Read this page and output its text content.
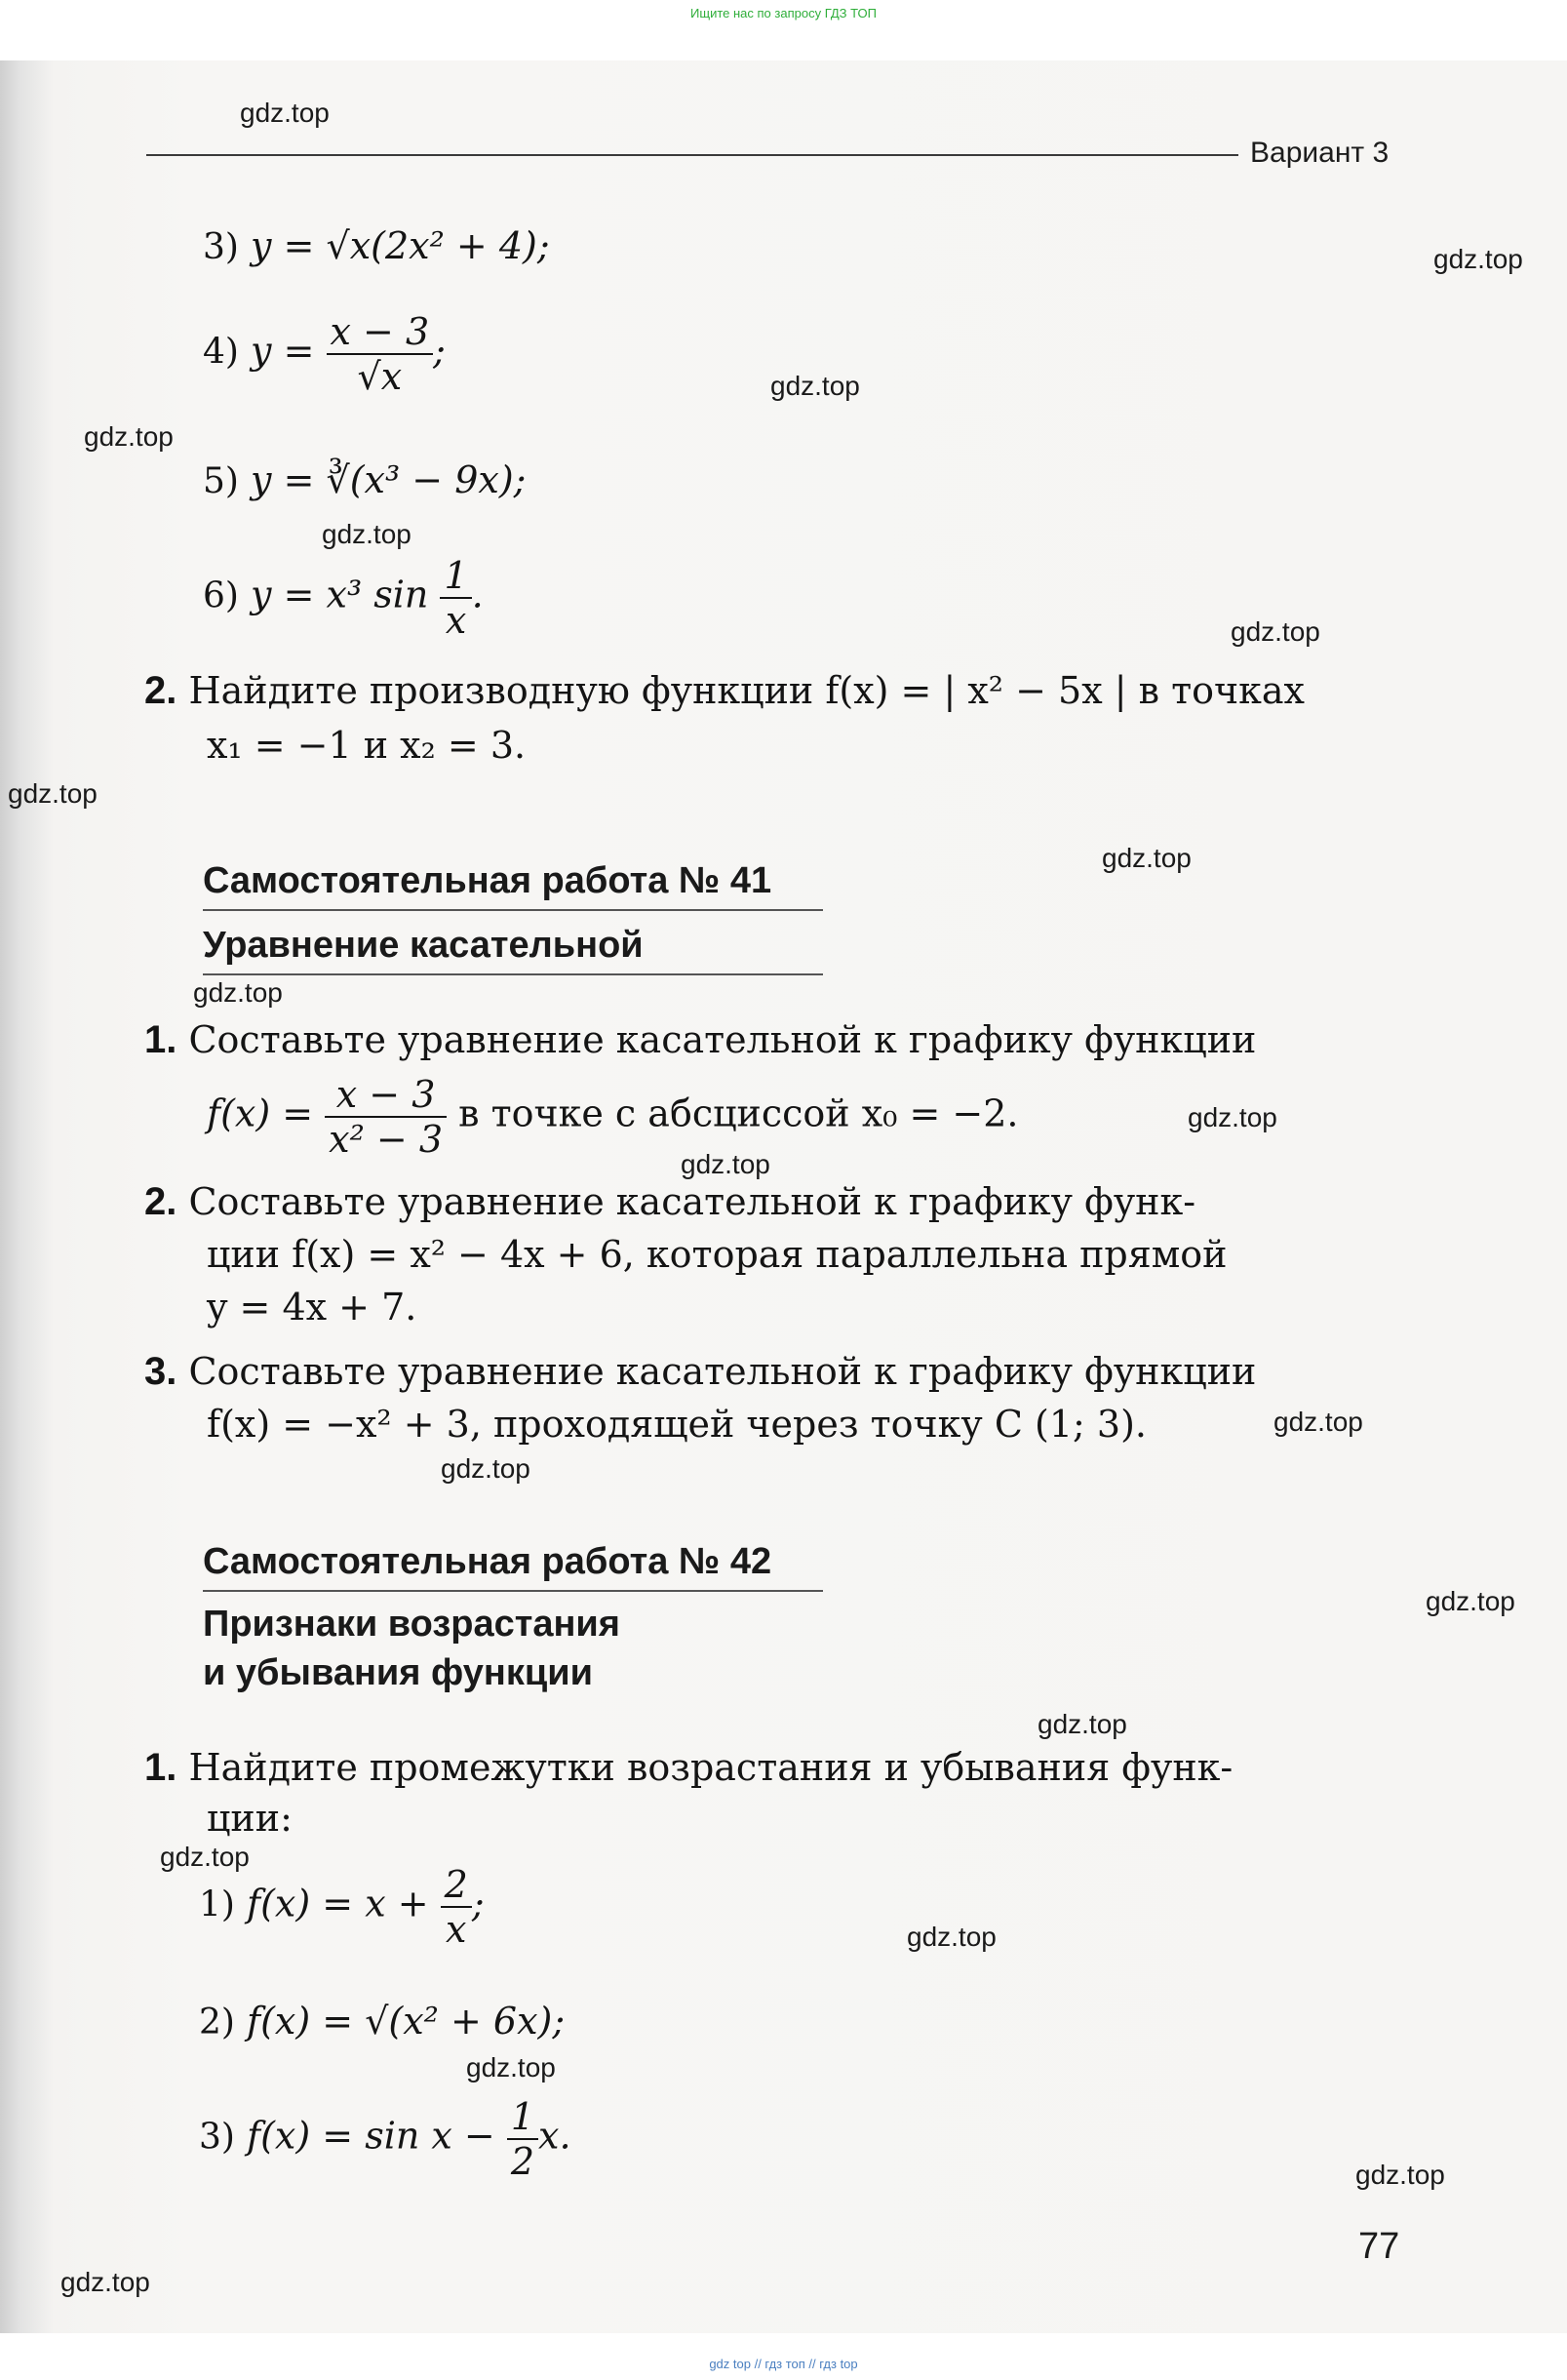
Ищите нас по запросу ГДЗ ТОП
Вариант 3
3) y = √x(2x² + 4);
4) $y = \frac{x - 3}{√x}$ ;
5) y = ∛(x³ − 9x);
6) y = x³ $\sin \frac{1}{x}$ .
2. Найдите производную функции f(x) = | x² − 5x | в точках
x₁ = −1 и x₂ = 3.
Самостоятельная работа № 41
Уравнение касательной
1. Составьте уравнение касательной к графику функции
$f(x) = \frac{x - 3}{\text{x² − 3}}$ в точке с абсциссой x₀ = −2.
2. Составьте уравнение касательной к графику функ-
ции f(x) = x² − 4x + 6, которая параллельна прямой
y = 4x + 7.
3. Составьте уравнение касательной к графику функции
f(x) = −x² + 3, проходящей через точку C (1; 3).
Самостоятельная работа № 42
Признаки возрастания
и убывания функции
1. Найдите промежутки возрастания и убывания функ-
ции:
1) $f(x) = x + \frac{2}{x}$ ;
2) f(x) = √(x² + 6x);
3) $f(x) = \sin x - \frac{1}{2} x$.
77
gdz.top
gdz.top
gdz.top
gdz.top
gdz.top
gdz.top
gdz.top
gdz.top
gdz.top
gdz.top
gdz.top
gdz.top
gdz.top
gdz.top
gdz.top
gdz.top
gdz.top
gdz.top
gdz.top
gdz.top
gdz top // гдз топ // гдз top
